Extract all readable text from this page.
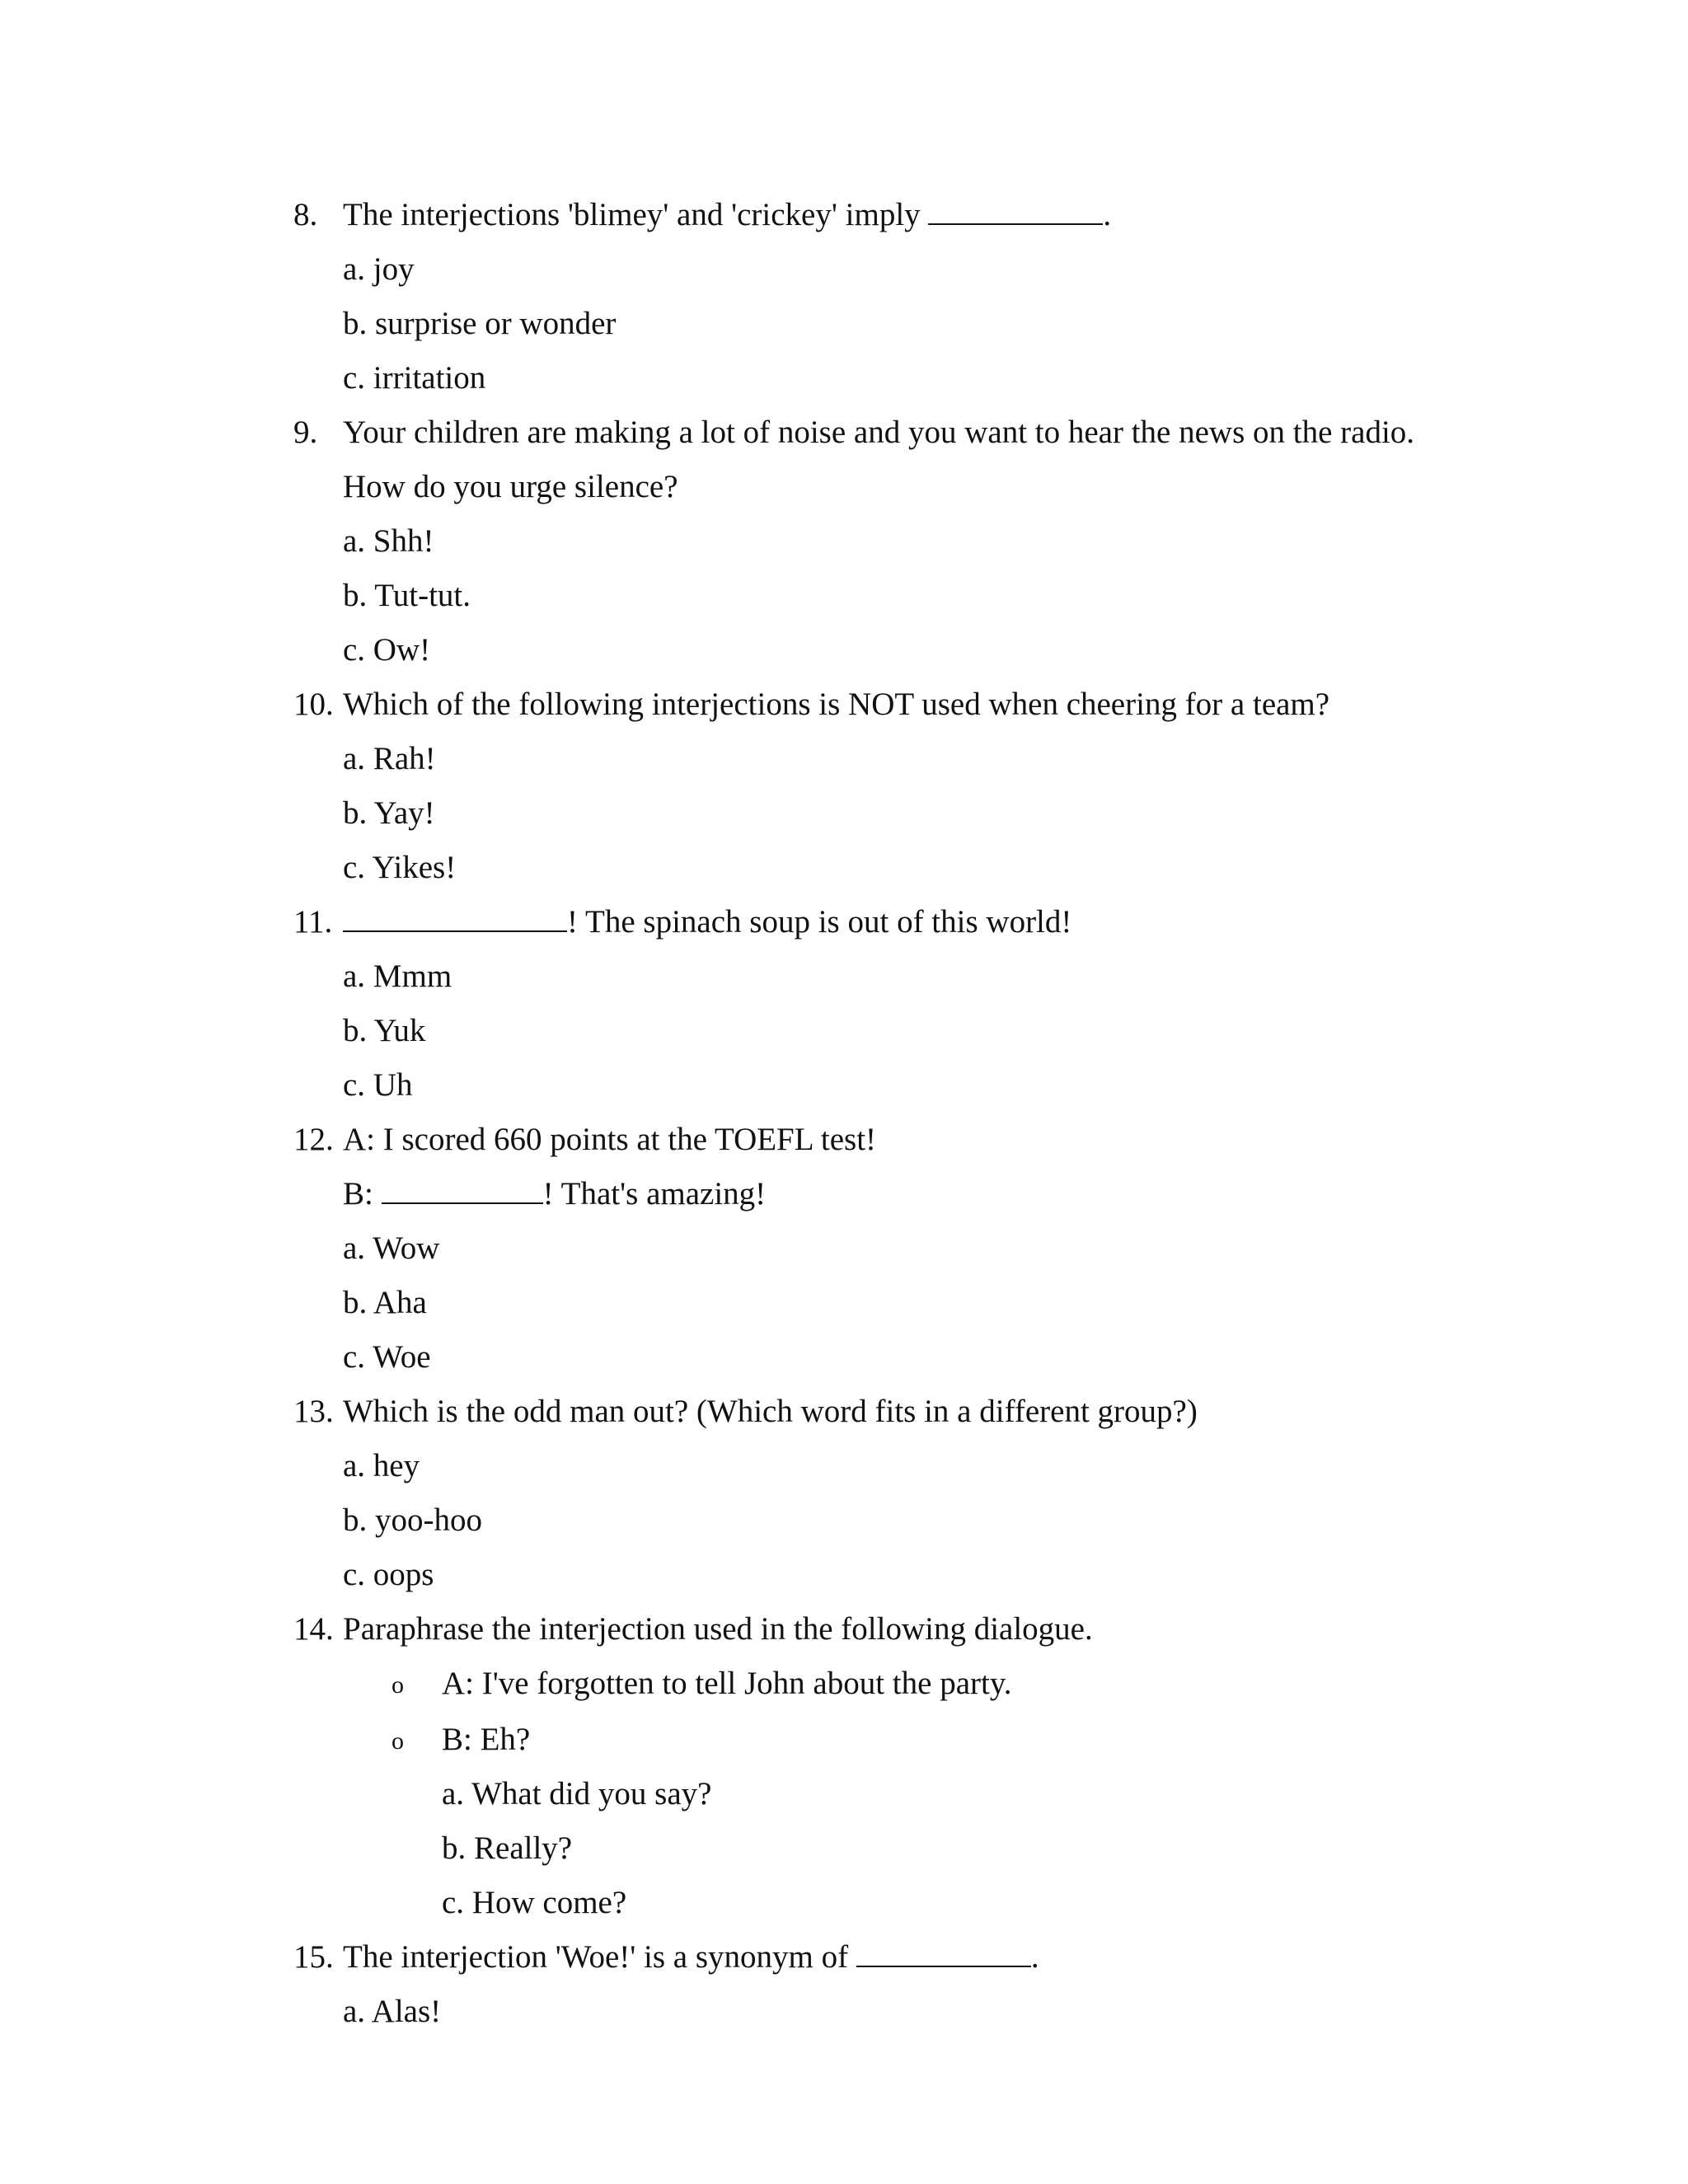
8. The interjections 'blimey' and 'crickey' imply	.
a. joy
b. surprise or wonder
c. irritation
9. Your children are making a lot of noise and you want to hear the news on the radio.
How do you urge silence?
a. Shh!
b. Tut-tut.
c. Ow!
10. Which of the following interjections is NOT used when cheering for a team?
a. Rah!
b. Yay!
c. Yikes!
11.	! The spinach soup is out of this world!
a. Mmm
b. Yuk
c. Uh
12. A: I scored 660 points at the TOEFL test!
B:	! That's amazing!
a. Wow
b. Aha
c. Woe
13. Which is the odd man out? (Which word fits in a different group?)
a. hey
b. yoo-hoo
c. oops
14. Paraphrase the interjection used in the following dialogue.
o A: I've forgotten to tell John about the party.
o B: Eh?
a. What did you say?
b. Really?
c. How come?
15. The interjection 'Woe!' is a synonym of	.
a. Alas!
